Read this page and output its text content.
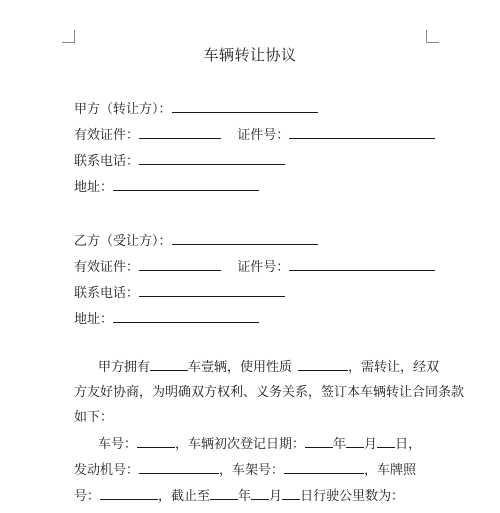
车辆转让协议
甲方（转让方）：
有效证件：	证件号：
联系电话：
地址：
乙方（受让方）：
有效证件：	证件号：
联系电话：
地址：
甲方拥有	车壹辆，使用性质	，需转让，经双
方友好协商，为明确双方权利、义务关系，签订本车辆转让合同条款
如下：
车号：	，车辆初次登记日期： 年 月 日，
发动机号：	，车架号：	，车牌照
号：	，截止至 年 月 日行驶公里数为：
